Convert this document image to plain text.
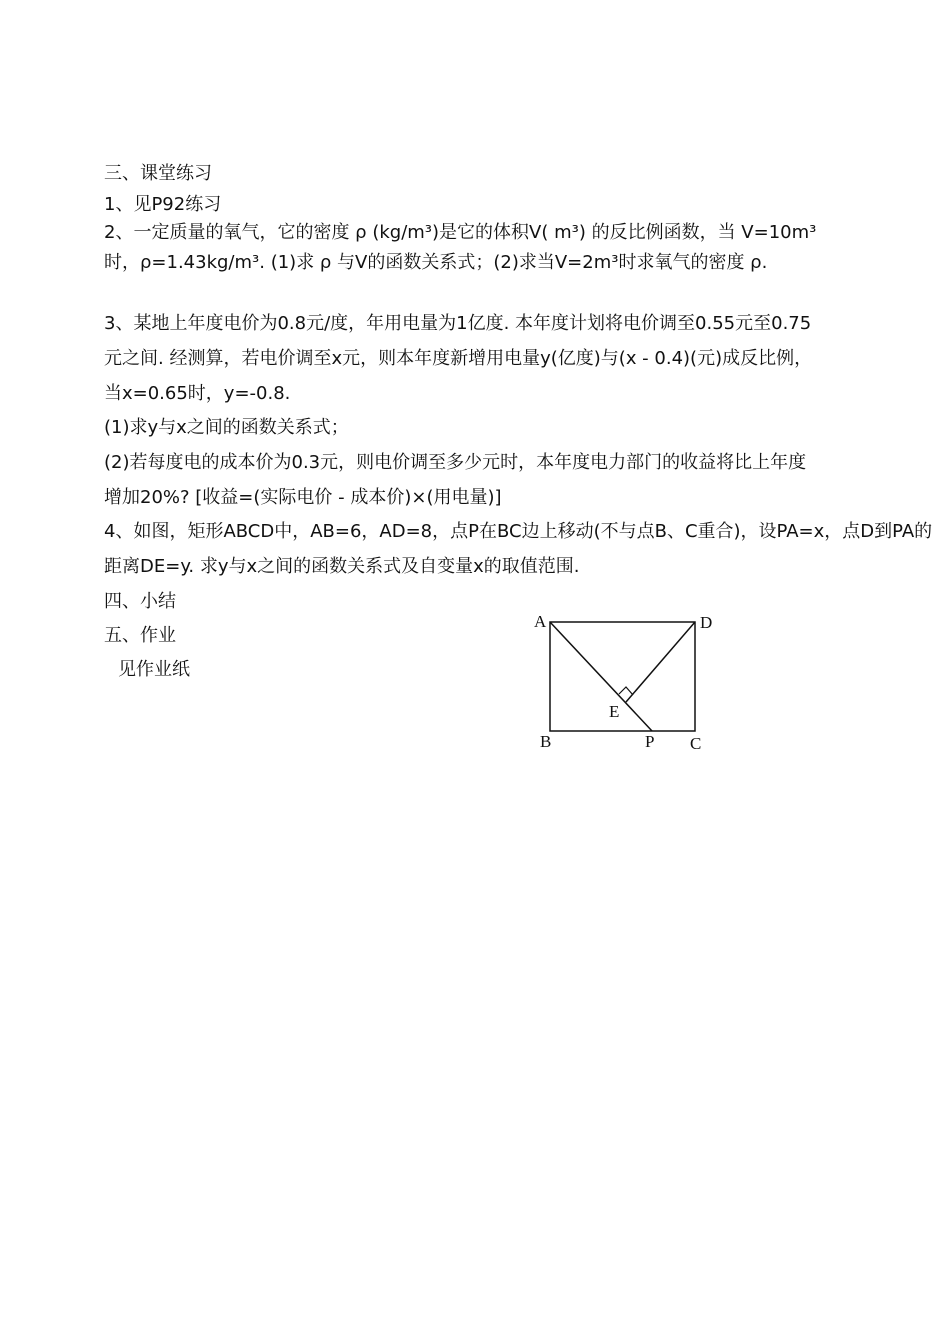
三、课堂练习
1、见P92练习
2、一定质量的氧气，它的密度 ρ (kg/m³)是它的体积V( m³) 的反比例函数，当 V=10m³
时，ρ=1.43kg/m³. (1)求 ρ 与V的函数关系式；(2)求当V=2m³时求氧气的密度 ρ.
3、某地上年度电价为0.8元/度，年用电量为1亿度. 本年度计划将电价调至0.55元至0.75
元之间. 经测算，若电价调至x元，则本年度新增用电量y(亿度)与(x - 0.4)(元)成反比例，
当x=0.65时，y=-0.8.
(1)求y与x之间的函数关系式；
(2)若每度电的成本价为0.3元，则电价调至多少元时，本年度电力部门的收益将比上年度
增加20%? [收益=(实际电价 - 成本价)×(用电量)]
4、如图，矩形ABCD中，AB=6，AD=8，点P在BC边上移动(不与点B、C重合)，设PA=x，点D到PA的
距离DE=y. 求y与x之间的函数关系式及自变量x的取值范围.
四、小结
五、作业
见作业纸
A	D
B	P C
E
